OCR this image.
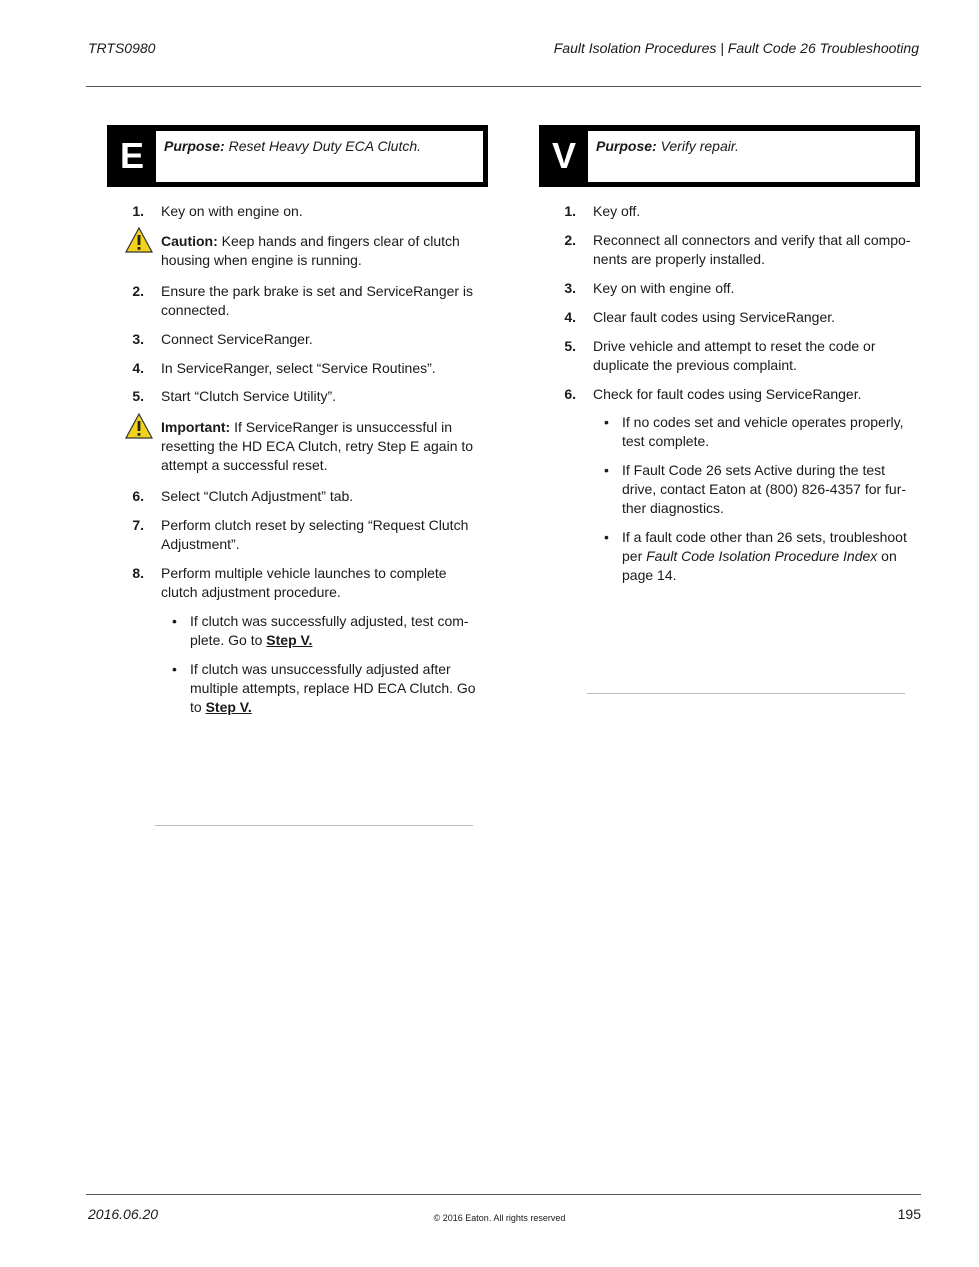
TRTS0980	Fault Isolation Procedures | Fault Code 26 Troubleshooting
E	Purpose: Reset Heavy Duty ECA Clutch.	V	Purpose: Verify repair.
1. Key on with engine on.
Caution: Keep hands and fingers clear of clutch
housing when engine is running.
2. Ensure the park brake is set and ServiceRanger is
connected.
3. Connect ServiceRanger.
4. In ServiceRanger, select “Service Routines”.
5. Start “Clutch Service Utility”.
Important: If ServiceRanger is unsuccessful in
resetting the HD ECA Clutch, retry Step E again to
attempt a successful reset.
6. Select “Clutch Adjustment” tab.
7. Perform clutch reset by selecting “Request Clutch
Adjustment”.
8. Perform multiple vehicle launches to complete
clutch adjustment procedure.
• If clutch was successfully adjusted, test com-
plete. Go to Step V.
• If clutch was unsuccessfully adjusted after
multiple attempts, replace HD ECA Clutch. Go
to Step V.
1. Key off.
2. Reconnect all connectors and verify that all compo-
nents are properly installed.
3. Key on with engine off.
4. Clear fault codes using ServiceRanger.
5. Drive vehicle and attempt to reset the code or
duplicate the previous complaint.
6. Check for fault codes using ServiceRanger.
• If no codes set and vehicle operates properly,
test complete.
• If Fault Code 26 sets Active during the test
drive, contact Eaton at (800) 826-4357 for fur-
ther diagnostics.
• If a fault code other than 26 sets, troubleshoot
per Fault Code Isolation Procedure Index on
page 14.
2016.06.20	© 2016 Eaton. All rights reserved	195
